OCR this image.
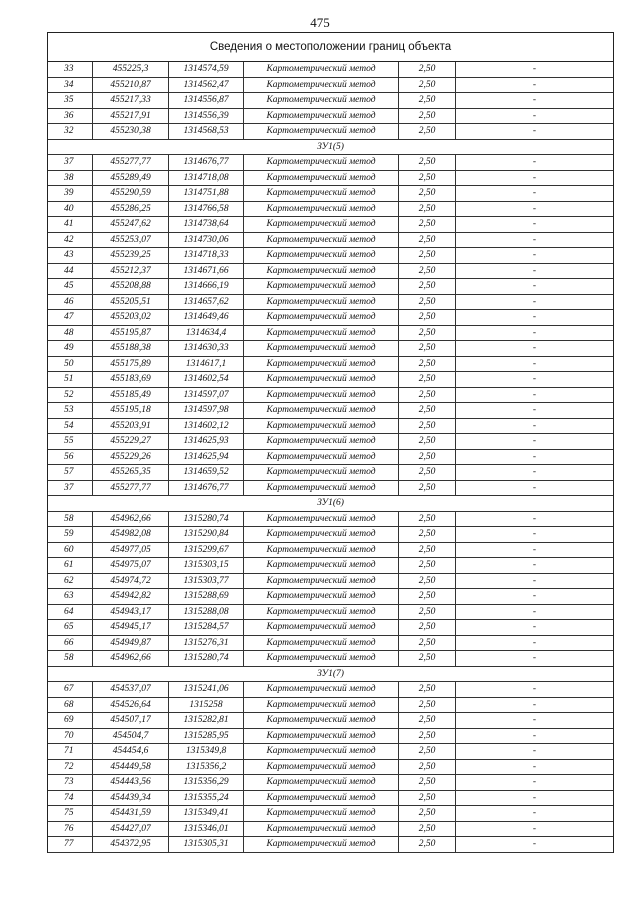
475
Сведения о местоположении границ объекта
33	455225,3	1314574,59	Картометрический метод	2,50	-
34	455210,87	1314562,47	Картометрический метод	2,50	-
35	455217,33	1314556,87	Картометрический метод	2,50	-
36	455217,91	1314556,39	Картометрический метод	2,50	-
32	455230,38	1314568,53	Картометрический метод	2,50	-
ЗУ1(5)
37	455277,77	1314676,77	Картометрический метод	2,50	-
38	455289,49	1314718,08	Картометрический метод	2,50	-
39	455290,59	1314751,88	Картометрический метод	2,50	-
40	455286,25	1314766,58	Картометрический метод	2,50	-
41	455247,62	1314738,64	Картометрический метод	2,50	-
42	455253,07	1314730,06	Картометрический метод	2,50	-
43	455239,25	1314718,33	Картометрический метод	2,50	-
44	455212,37	1314671,66	Картометрический метод	2,50	-
45	455208,88	1314666,19	Картометрический метод	2,50	-
46	455205,51	1314657,62	Картометрический метод	2,50	-
47	455203,02	1314649,46	Картометрический метод	2,50	-
48	455195,87	1314634,4	Картометрический метод	2,50	-
49	455188,38	1314630,33	Картометрический метод	2,50	-
50	455175,89	1314617,1	Картометрический метод	2,50	-
51	455183,69	1314602,54	Картометрический метод	2,50	-
52	455185,49	1314597,07	Картометрический метод	2,50	-
53	455195,18	1314597,98	Картометрический метод	2,50	-
54	455203,91	1314602,12	Картометрический метод	2,50	-
55	455229,27	1314625,93	Картометрический метод	2,50	-
56	455229,26	1314625,94	Картометрический метод	2,50	-
57	455265,35	1314659,52	Картометрический метод	2,50	-
37	455277,77	1314676,77	Картометрический метод	2,50	-
ЗУ1(6)
58	454962,66	1315280,74	Картометрический метод	2,50	-
59	454982,08	1315290,84	Картометрический метод	2,50	-
60	454977,05	1315299,67	Картометрический метод	2,50	-
61	454975,07	1315303,15	Картометрический метод	2,50	-
62	454974,72	1315303,77	Картометрический метод	2,50	-
63	454942,82	1315288,69	Картометрический метод	2,50	-
64	454943,17	1315288,08	Картометрический метод	2,50	-
65	454945,17	1315284,57	Картометрический метод	2,50	-
66	454949,87	1315276,31	Картометрический метод	2,50	-
58	454962,66	1315280,74	Картометрический метод	2,50	-
ЗУ1(7)
67	454537,07	1315241,06	Картометрический метод	2,50	-
68	454526,64	1315258	Картометрический метод	2,50	-
69	454507,17	1315282,81	Картометрический метод	2,50	-
70	454504,7	1315285,95	Картометрический метод	2,50	-
71	454454,6	1315349,8	Картометрический метод	2,50	-
72	454449,58	1315356,2	Картометрический метод	2,50	-
73	454443,56	1315356,29	Картометрический метод	2,50	-
74	454439,34	1315355,24	Картометрический метод	2,50	-
75	454431,59	1315349,41	Картометрический метод	2,50	-
76	454427,07	1315346,01	Картометрический метод	2,50	-
77	454372,95	1315305,31	Картометрический метод	2,50	-
